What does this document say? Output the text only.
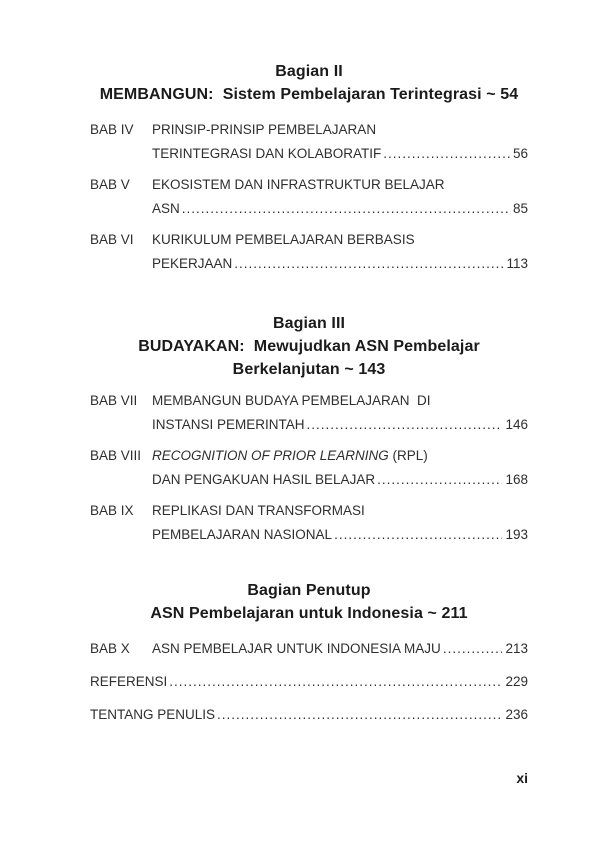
Bagian II
MEMBANGUN:  Sistem Pembelajaran Terintegrasi ~ 54
BAB IV	PRINSIP-PRINSIP PEMBELAJARAN
TERINTEGRASI DAN KOLABORATIF .....	56
BAB V	EKOSISTEM DAN INFRASTRUKTUR BELAJAR
ASN .....	85
BAB VI	KURIKULUM PEMBELAJARAN BERBASIS
PEKERJAAN .....	113
Bagian III
BUDAYAKAN:  Mewujudkan ASN Pembelajar
Berkelanjutan ~ 143
BAB VII	MEMBANGUN BUDAYA PEMBELAJARAN  DI
INSTANSI PEMERINTAH .....	146
BAB VIII RECOGNITION OF PRIOR LEARNING (RPL)
DAN PENGAKUAN HASIL BELAJAR .....	168
BAB IX	REPLIKASI DAN TRANSFORMASI
PEMBELAJARAN NASIONAL .....	193
Bagian Penutup
ASN Pembelajaran untuk Indonesia ~ 211
BAB X	ASN PEMBELAJAR UNTUK INDONESIA MAJU .....	213
REFERENSI .....	229
TENTANG PENULIS .....	236
xi
